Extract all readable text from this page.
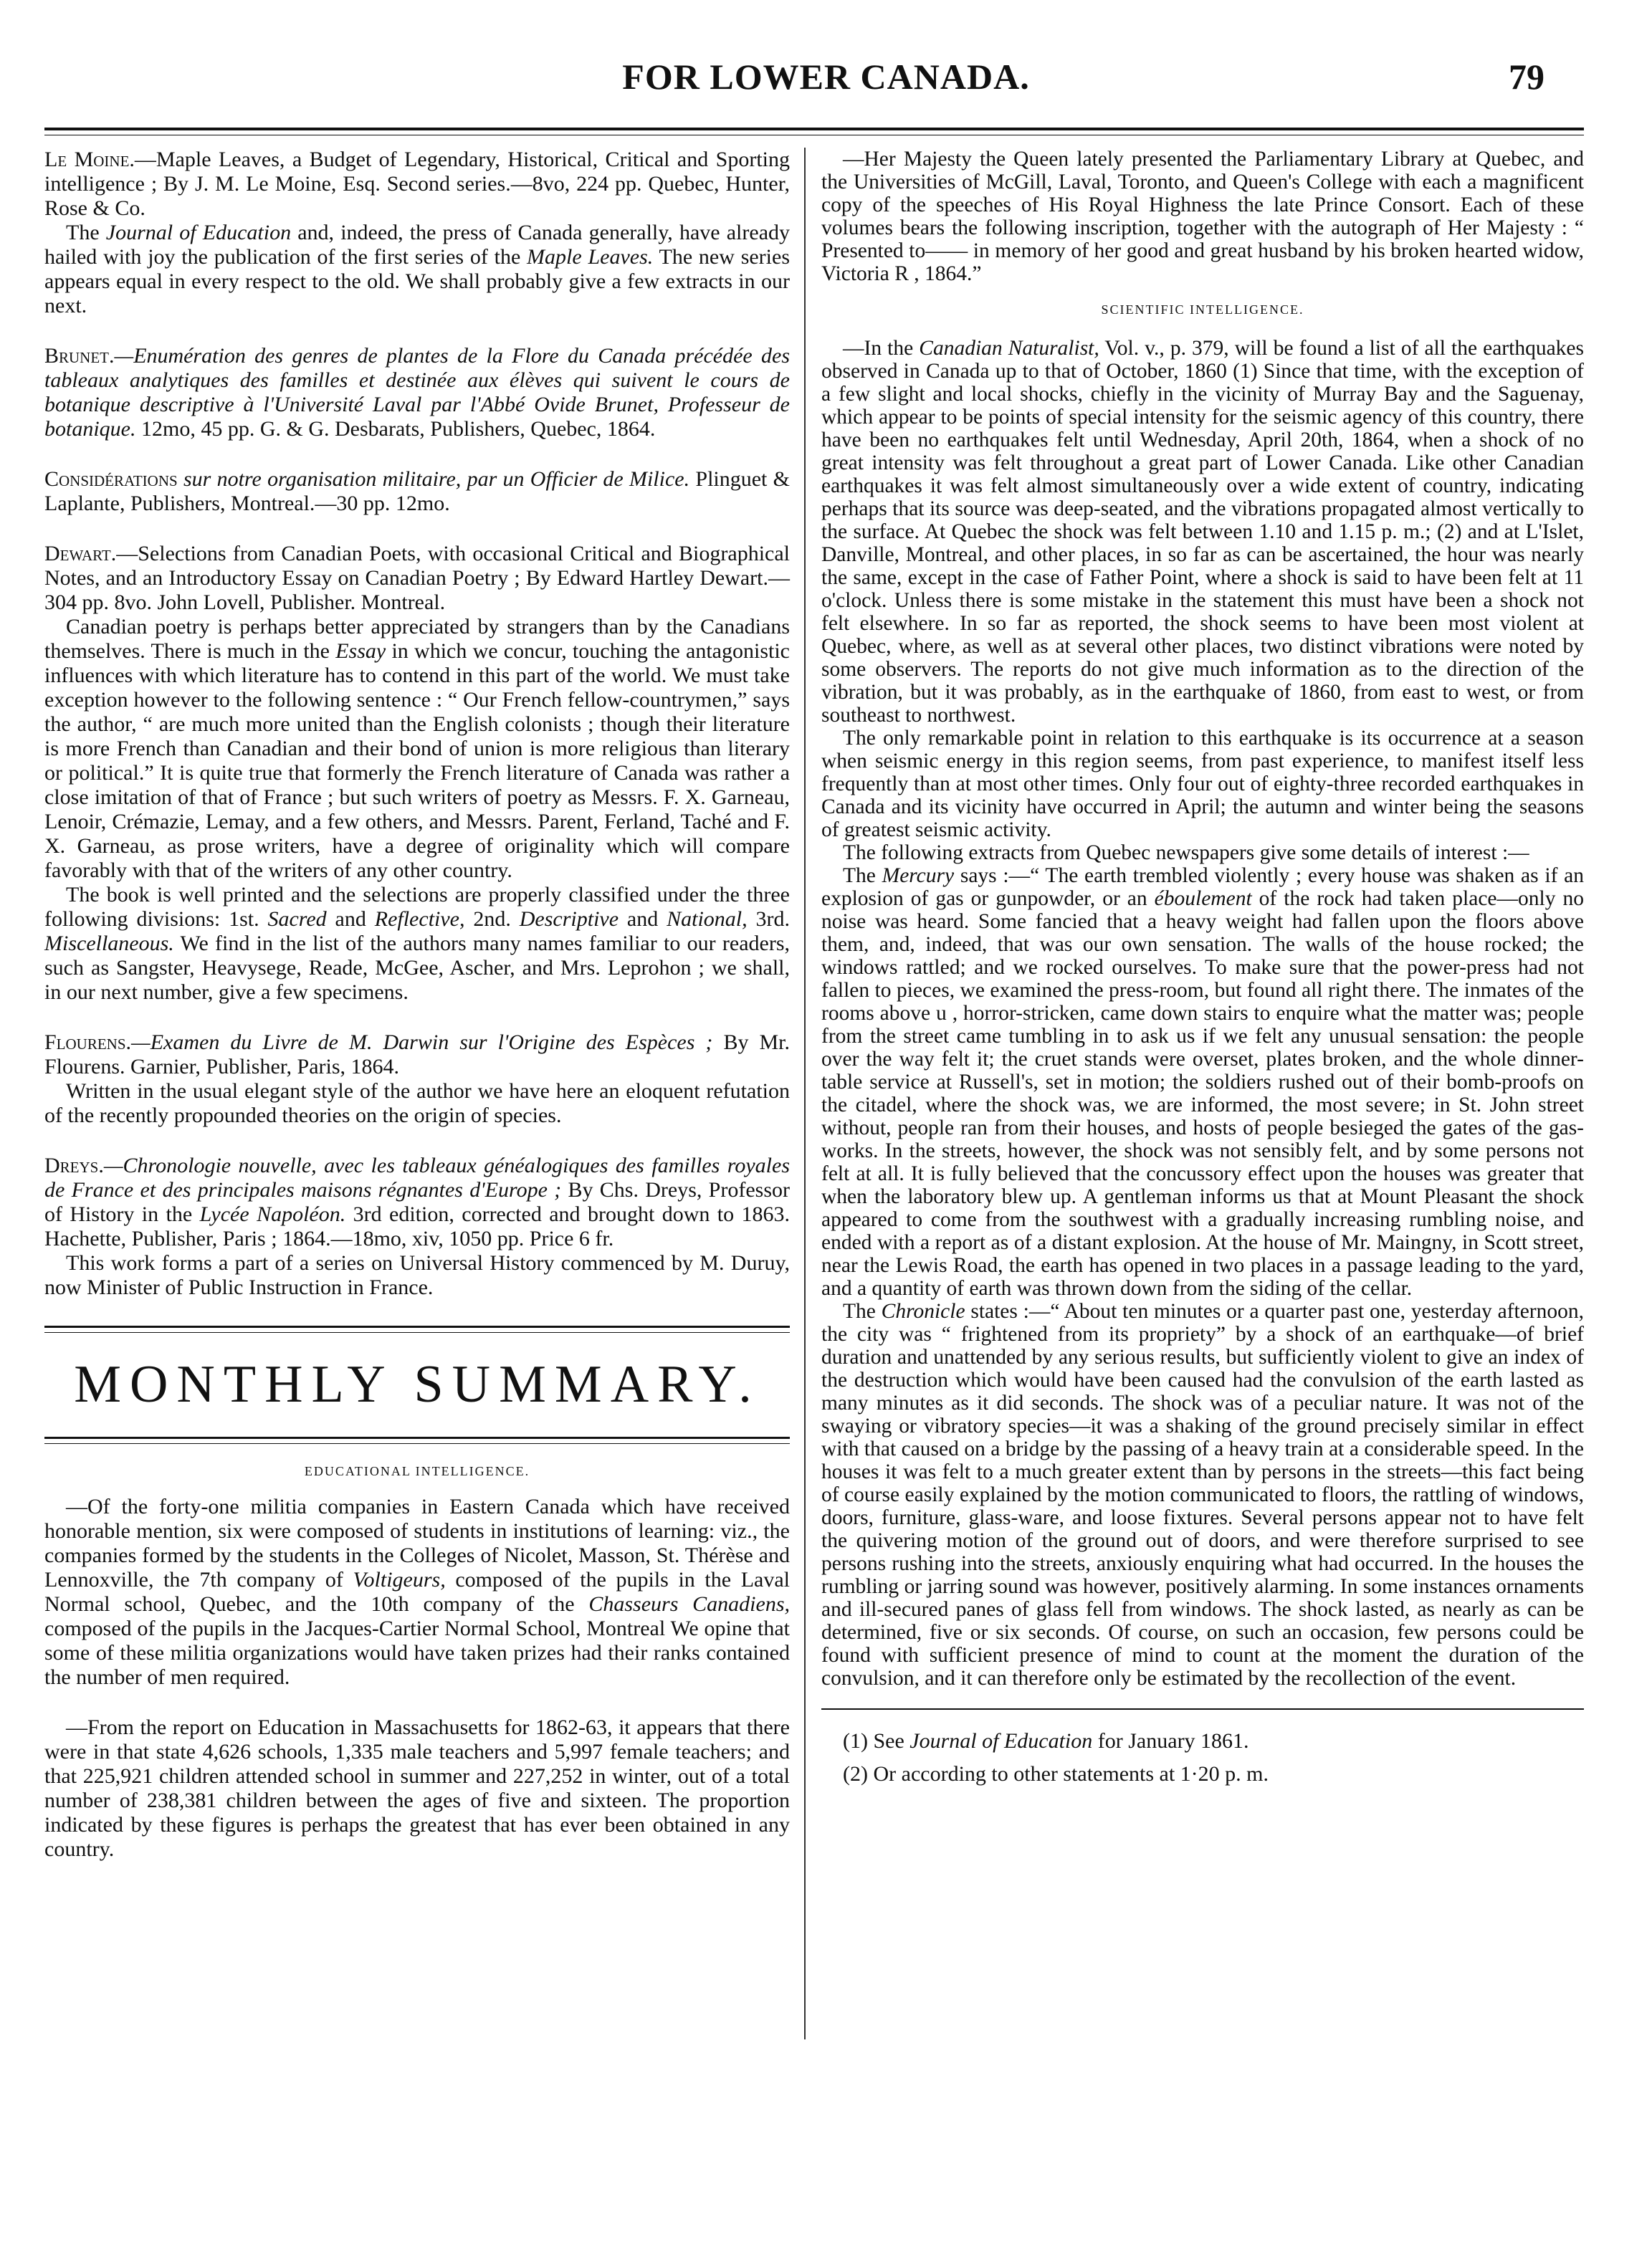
FOR LOWER CANADA.	79

Le Moine.—Maple Leaves, a Budget of Legendary, Historical, Critical and Sporting intelligence ; By J. M. Le Moine, Esq. Second series.—8vo, 224 pp. Quebec, Hunter, Rose & Co.

The Journal of Education and, indeed, the press of Canada generally, have already hailed with joy the publication of the first series of the Maple Leaves. The new series appears equal in every respect to the old. We shall probably give a few extracts in our next.

Brunet.—Enumération des genres de plantes de la Flore du Canada précédée des tableaux analytiques des familles et destinée aux élèves qui suivent le cours de botanique descriptive à l'Université Laval par l'Abbé Ovide Brunet, Professeur de botanique. 12mo, 45 pp. G. & G. Desbarats, Publishers, Quebec, 1864.

Considérations sur notre organisation militaire, par un Officier de Milice. Plinguet & Laplante, Publishers, Montreal.—30 pp. 12mo.

Dewart.—Selections from Canadian Poets, with occasional Critical and Biographical Notes, and an Introductory Essay on Canadian Poetry ; By Edward Hartley Dewart.—304 pp. 8vo. John Lovell, Publisher. Montreal.

Canadian poetry is perhaps better appreciated by strangers than by the Canadians themselves. There is much in the Essay in which we concur, touching the antagonistic influences with which literature has to contend in this part of the world. We must take exception however to the following sentence : “ Our French fellow-countrymen,” says the author, “ are much more united than the English colonists ; though their literature is more French than Canadian and their bond of union is more religious than literary or political.” It is quite true that formerly the French literature of Canada was rather a close imitation of that of France ; but such writers of poetry as Messrs. F. X. Garneau, Lenoir, Crémazie, Lemay, and a few others, and Messrs. Parent, Ferland, Taché and F. X. Garneau, as prose writers, have a degree of originality which will compare favorably with that of the writers of any other country.

The book is well printed and the selections are properly classified under the three following divisions: 1st. Sacred and Reflective, 2nd. Descriptive and National, 3rd. Miscellaneous. We find in the list of the authors many names familiar to our readers, such as Sangster, Heavysege, Reade, McGee, Ascher, and Mrs. Leprohon ; we shall, in our next number, give a few specimens.

Flourens.—Examen du Livre de M. Darwin sur l'Origine des Espèces ; By Mr. Flourens. Garnier, Publisher, Paris, 1864.

Written in the usual elegant style of the author we have here an eloquent refutation of the recently propounded theories on the origin of species.

Dreys.—Chronologie nouvelle, avec les tableaux généalogiques des familles royales de France et des principales maisons régnantes d'Europe ; By Chs. Dreys, Professor of History in the Lycée Napoléon. 3rd edition, corrected and brought down to 1863. Hachette, Publisher, Paris ; 1864.—18mo, xiv, 1050 pp. Price 6 fr.

This work forms a part of a series on Universal History commenced by M. Duruy, now Minister of Public Instruction in France.

MONTHLY SUMMARY.
EDUCATIONAL INTELLIGENCE.

—Of the forty-one militia companies in Eastern Canada which have received honorable mention, six were composed of students in institutions of learning: viz., the companies formed by the students in the Colleges of Nicolet, Masson, St. Thérèse and Lennoxville, the 7th company of Voltigeurs, composed of the pupils in the Laval Normal school, Quebec, and the 10th company of the Chasseurs Canadiens, composed of the pupils in the Jacques-Cartier Normal School, Montreal We opine that some of these militia organizations would have taken prizes had their ranks contained the number of men required.

—From the report on Education in Massachusetts for 1862-63, it appears that there were in that state 4,626 schools, 1,335 male teachers and 5,997 female teachers; and that 225,921 children attended school in summer and 227,252 in winter, out of a total number of 238,381 children between the ages of five and sixteen. The proportion indicated by these figures is perhaps the greatest that has ever been obtained in any country.

—Her Majesty the Queen lately presented the Parliamentary Library at Quebec, and the Universities of McGill, Laval, Toronto, and Queen's College with each a magnificent copy of the speeches of His Royal Highness the late Prince Consort. Each of these volumes bears the following inscription, together with the autograph of Her Majesty : “ Presented to—— in memory of her good and great husband by his broken hearted widow, Victoria R , 1864.”

SCIENTIFIC INTELLIGENCE.

—In the Canadian Naturalist, Vol. v., p. 379, will be found a list of all the earthquakes observed in Canada up to that of October, 1860 (1) Since that time, with the exception of a few slight and local shocks, chiefly in the vicinity of Murray Bay and the Saguenay, which appear to be points of special intensity for the seismic agency of this country, there have been no earthquakes felt until Wednesday, April 20th, 1864, when a shock of no great intensity was felt throughout a great part of Lower Canada. Like other Canadian earthquakes it was felt almost simultaneously over a wide extent of country, indicating perhaps that its source was deep-seated, and the vibrations propagated almost vertically to the surface. At Quebec the shock was felt between 1.10 and 1.15 p. m.; (2) and at L'Islet, Danville, Montreal, and other places, in so far as can be ascertained, the hour was nearly the same, except in the case of Father Point, where a shock is said to have been felt at 11 o'clock. Unless there is some mistake in the statement this must have been a shock not felt elsewhere. In so far as reported, the shock seems to have been most violent at Quebec, where, as well as at several other places, two distinct vibrations were noted by some observers. The reports do not give much information as to the direction of the vibration, but it was probably, as in the earthquake of 1860, from east to west, or from southeast to northwest.

The only remarkable point in relation to this earthquake is its occurrence at a season when seismic energy in this region seems, from past experience, to manifest itself less frequently than at most other times. Only four out of eighty-three recorded earthquakes in Canada and its vicinity have occurred in April; the autumn and winter being the seasons of greatest seismic activity.

The following extracts from Quebec newspapers give some details of interest :—

The Mercury says :—“ The earth trembled violently ; every house was shaken as if an explosion of gas or gunpowder, or an éboulement of the rock had taken place—only no noise was heard. Some fancied that a heavy weight had fallen upon the floors above them, and, indeed, that was our own sensation. The walls of the house rocked; the windows rattled; and we rocked ourselves. To make sure that the power-press had not fallen to pieces, we examined the press-room, but found all right there. The inmates of the rooms above u , horror-stricken, came down stairs to enquire what the matter was; people from the street came tumbling in to ask us if we felt any unusual sensation: the people over the way felt it; the cruet stands were overset, plates broken, and the whole dinner-table service at Russell's, set in motion; the soldiers rushed out of their bomb-proofs on the citadel, where the shock was, we are informed, the most severe; in St. John street without, people ran from their houses, and hosts of people besieged the gates of the gas-works. In the streets, however, the shock was not sensibly felt, and by some persons not felt at all. It is fully believed that the concussory effect upon the houses was greater that when the laboratory blew up. A gentleman informs us that at Mount Pleasant the shock appeared to come from the southwest with a gradually increasing rumbling noise, and ended with a report as of a distant explosion. At the house of Mr. Maingny, in Scott street, near the Lewis Road, the earth has opened in two places in a passage leading to the yard, and a quantity of earth was thrown down from the siding of the cellar.

The Chronicle states :—“ About ten minutes or a quarter past one, yesterday afternoon, the city was “ frightened from its propriety” by a shock of an earthquake—of brief duration and unattended by any serious results, but sufficiently violent to give an index of the destruction which would have been caused had the convulsion of the earth lasted as many minutes as it did seconds. The shock was of a peculiar nature. It was not of the swaying or vibratory species—it was a shaking of the ground precisely similar in effect with that caused on a bridge by the passing of a heavy train at a considerable speed. In the houses it was felt to a much greater extent than by persons in the streets—this fact being of course easily explained by the motion communicated to floors, the rattling of windows, doors, furniture, glass-ware, and loose fixtures. Several persons appear not to have felt the quivering motion of the ground out of doors, and were therefore surprised to see persons rushing into the streets, anxiously enquiring what had occurred. In the houses the rumbling or jarring sound was however, positively alarming. In some instances ornaments and ill-secured panes of glass fell from windows. The shock lasted, as nearly as can be determined, five or six seconds. Of course, on such an occasion, few persons could be found with sufficient presence of mind to count at the moment the duration of the convulsion, and it can therefore only be estimated by the recollection of the event.

(1) See Journal of Education for January 1861.

(2) Or according to other statements at 1·20 p. m.
